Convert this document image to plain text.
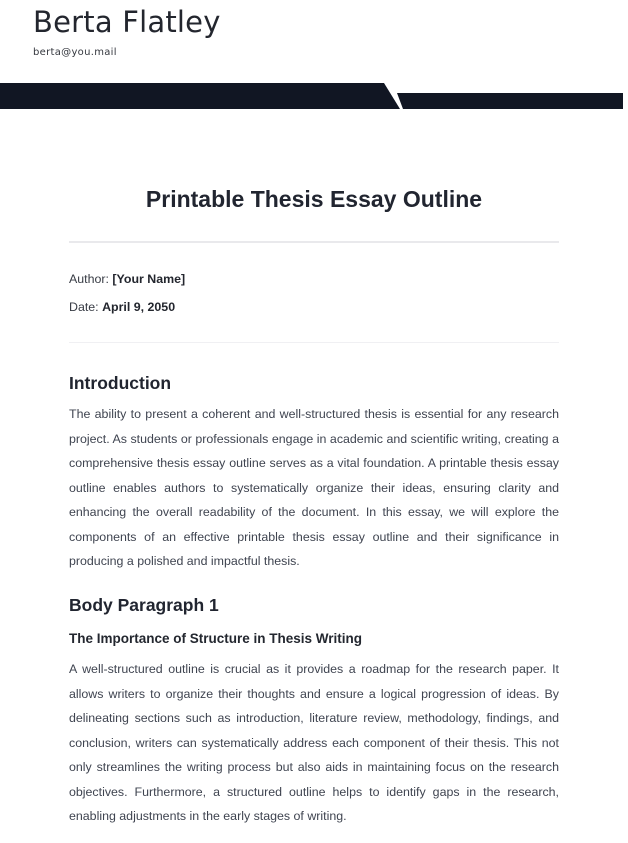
Berta Flatley
berta@you.mail
Printable Thesis Essay Outline

Author: [Your Name]

Date: April 9, 2050

Introduction

The ability to present a coherent and well-structured thesis is essential for any research project. As students or professionals engage in academic and scientific writing, creating a comprehensive thesis essay outline serves as a vital foundation. A printable thesis essay outline enables authors to systematically organize their ideas, ensuring clarity and enhancing the overall readability of the document. In this essay, we will explore the components of an effective printable thesis essay outline and their significance in producing a polished and impactful thesis.

Body Paragraph 1
The Importance of Structure in Thesis Writing

A well-structured outline is crucial as it provides a roadmap for the research paper. It allows writers to organize their thoughts and ensure a logical progression of ideas. By delineating sections such as introduction, literature review, methodology, findings, and conclusion, writers can systematically address each component of their thesis. This not only streamlines the writing process but also aids in maintaining focus on the research objectives. Furthermore, a structured outline helps to identify gaps in the research, enabling adjustments in the early stages of writing.
